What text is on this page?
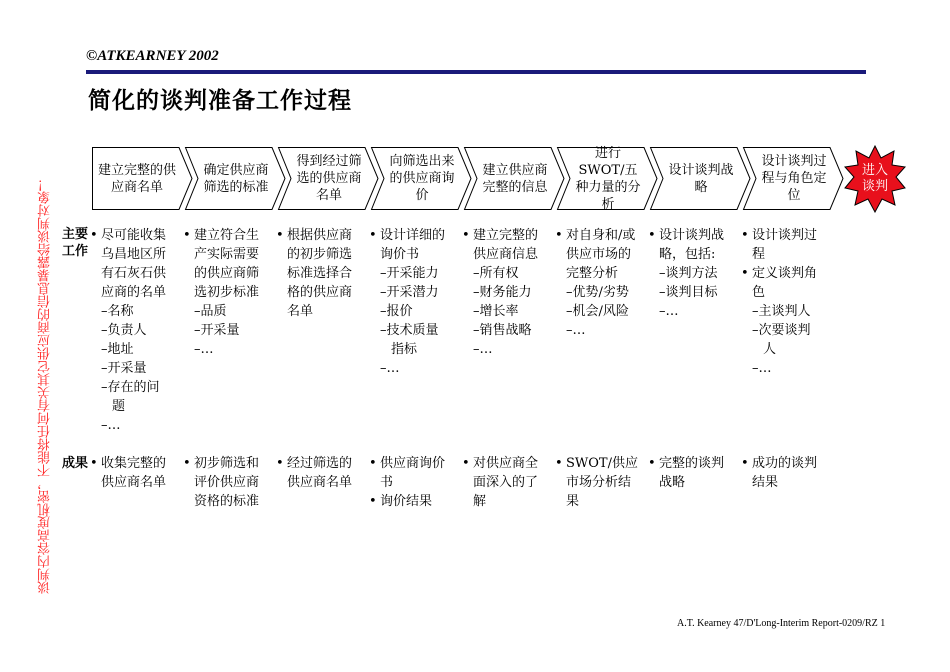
©ATKEARNEY 2002
简化的谈判准备工作过程
谈判内容高度机密，不能将任何有关其它供应商的信息暴露给谈判对象！
建立完整的供应商名单
确定供应商筛选的标准
得到经过筛选的供应商名单
向筛选出来的供应商询价
建立供应商完整的信息
进行SWOT/五种力量的分析
设计谈判战略
设计谈判过程与角色定位
进入谈判
主要工作
成果
• 尽可能收集
乌昌地区所
有石灰石供
应商的名单
–名称
–负责人
–地址
–开采量
–存在的问
题
–…
• 建立符合生
产实际需要
的供应商筛
选初步标准
–品质
–开采量
–…
• 根据供应商
的初步筛选
标准选择合
格的供应商
名单
• 设计详细的
询价书
–开采能力
–开采潜力
–报价
–技术质量
指标
–…
• 建立完整的
供应商信息
–所有权
–财务能力
–增长率
–销售战略
–…
• 对自身和/或
供应市场的
完整分析
–优势/劣势
–机会/风险
–…
• 设计谈判战
略，包括:
–谈判方法
–谈判目标
–…
• 设计谈判过
程
• 定义谈判角
色
–主谈判人
–次要谈判
人
–…
• 收集完整的
供应商名单
• 初步筛选和
评价供应商
资格的标准
• 经过筛选的
供应商名单
• 供应商询价
书
• 询价结果
• 对供应商全
面深入的了
解
• SWOT/供应
市场分析结
果
• 完整的谈判
战略
• 成功的谈判
结果
A.T. Kearney 47/D'Long-Interim Report-0209/RZ 1
